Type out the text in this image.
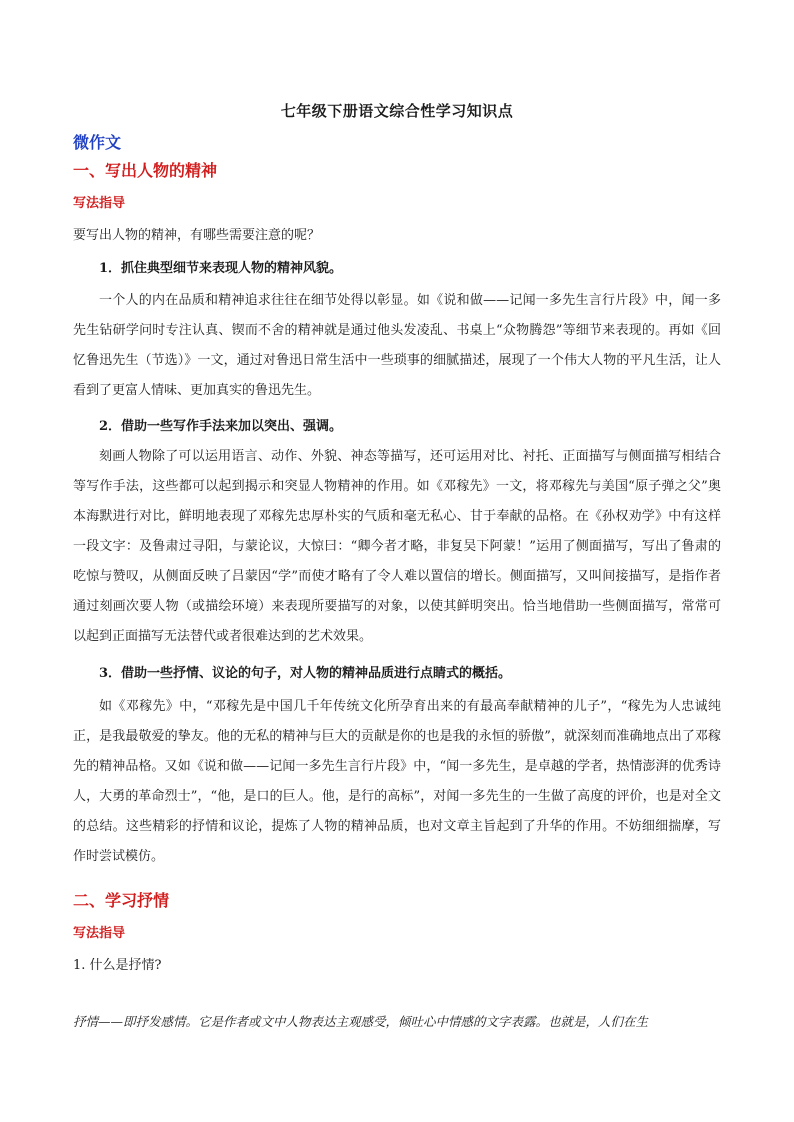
七年级下册语文综合性学习知识点
微作文
一、写出人物的精神
写法指导
要写出人物的精神，有哪些需要注意的呢？
1．抓住典型细节来表现人物的精神风貌。
一个人的内在品质和精神追求往往在细节处得以彰显。如《说和做——记闻一多先生言行片段》中，闻一多先生钻研学问时专注认真、锲而不舍的精神就是通过他头发凌乱、书桌上“众物腾怨”等细节来表现的。再如《回忆鲁迅先生（节选）》一文，通过对鲁迅日常生活中一些琐事的细腻描述，展现了一个伟大人物的平凡生活，让人看到了更富人情味、更加真实的鲁迅先生。
2．借助一些写作手法来加以突出、强调。
刻画人物除了可以运用语言、动作、外貌、神态等描写，还可运用对比、衬托、正面描写与侧面描写相结合等写作手法，这些都可以起到揭示和突显人物精神的作用。如《邓稼先》一文，将邓稼先与美国“原子弹之父”奥本海默进行对比，鲜明地表现了邓稼先忠厚朴实的气质和毫无私心、甘于奉献的品格。在《孙权劝学》中有这样一段文字：及鲁肃过寻阳，与蒙论议，大惊曰：“卿今者才略，非复吴下阿蒙！”运用了侧面描写，写出了鲁肃的吃惊与赞叹，从侧面反映了吕蒙因“学”而使才略有了令人难以置信的增长。侧面描写，又叫间接描写，是指作者通过刻画次要人物（或描绘环境）来表现所要描写的对象，以使其鲜明突出。恰当地借助一些侧面描写，常常可以起到正面描写无法替代或者很难达到的艺术效果。
3．借助一些抒情、议论的句子，对人物的精神品质进行点睛式的概括。
如《邓稼先》中，“邓稼先是中国几千年传统文化所孕育出来的有最高奉献精神的儿子”，“稼先为人忠诚纯正，是我最敬爱的挚友。他的无私的精神与巨大的贡献是你的也是我的永恒的骄傲”，就深刻而准确地点出了邓稼先的精神品格。又如《说和做——记闻一多先生言行片段》中，“闻一多先生，是卓越的学者，热情澎湃的优秀诗人，大勇的革命烈士”，“他，是口的巨人。他，是行的高标”，对闻一多先生的一生做了高度的评价，也是对全文的总结。这些精彩的抒情和议论，提炼了人物的精神品质，也对文章主旨起到了升华的作用。不妨细细揣摩，写作时尝试模仿。
二、学习抒情
写法指导
1. 什么是抒情?
抒情——即抒发感情。它是作者或文中人物表达主观感受，倾吐心中情感的文字表露。也就是，人们在生
